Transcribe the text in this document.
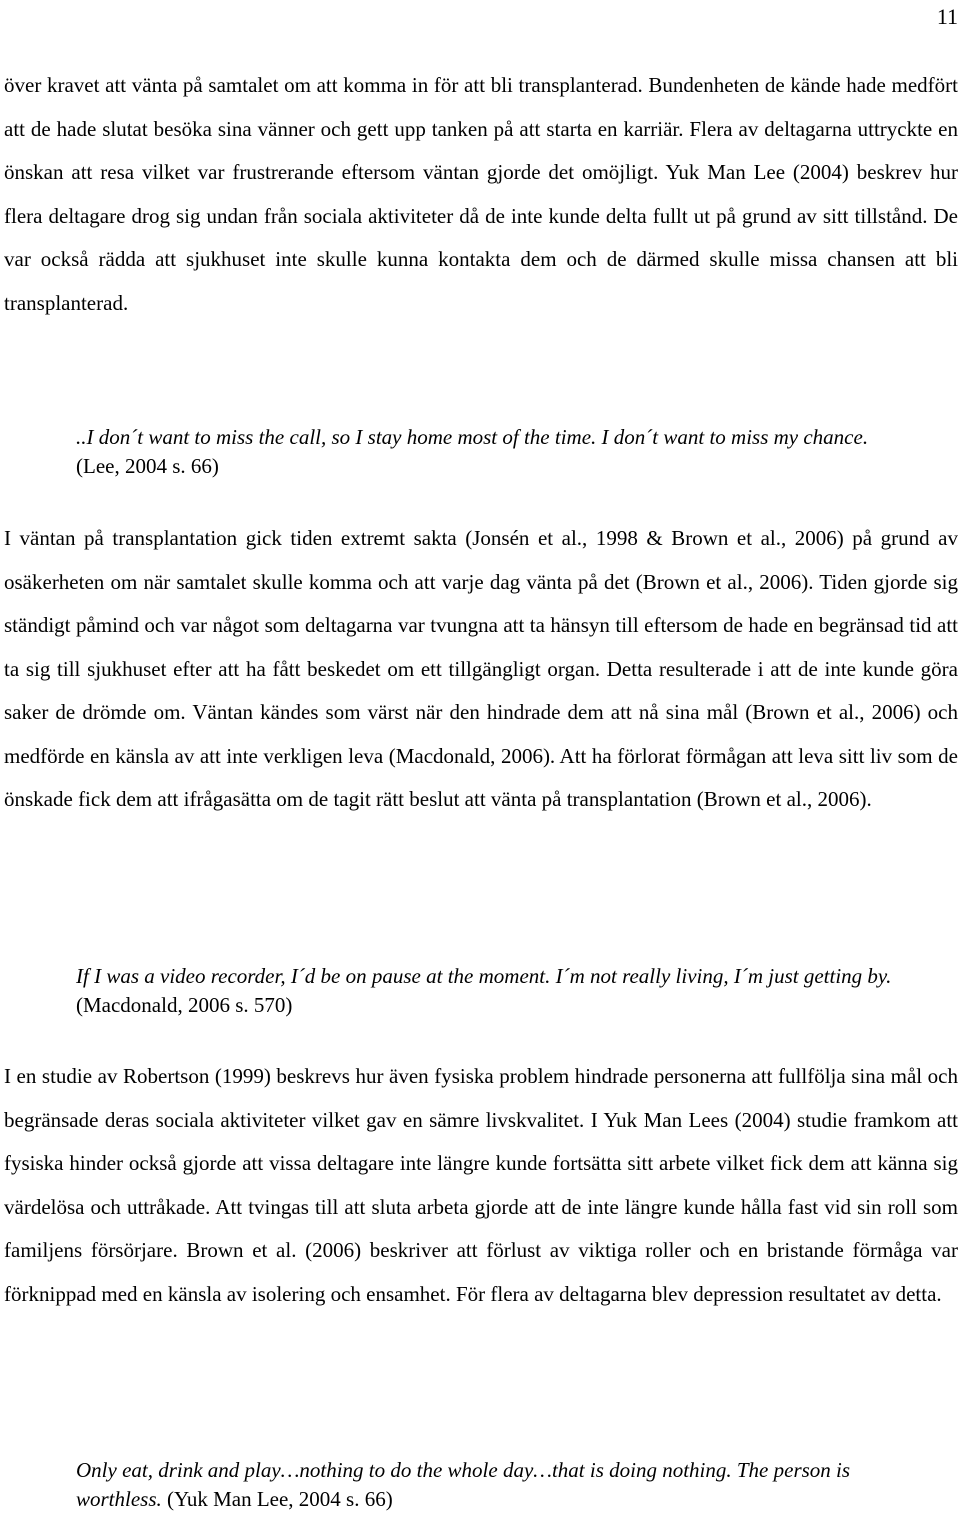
11

över kravet att vänta på samtalet om att komma in för att bli transplanterad. Bundenheten de kände hade medfört att de hade slutat besöka sina vänner och gett upp tanken på att starta en karriär. Flera av deltagarna uttryckte en önskan att resa vilket var frustrerande eftersom väntan gjorde det omöjligt. Yuk Man Lee (2004) beskrev hur flera deltagare drog sig undan från sociala aktiviteter då de inte kunde delta fullt ut på grund av sitt tillstånd. De var också rädda att sjukhuset inte skulle kunna kontakta dem och de därmed skulle missa chansen att bli transplanterad.

..I don´t want to miss the call, so I stay home most of the time. I don´t want to miss my chance. (Lee, 2004 s. 66)

I väntan på transplantation gick tiden extremt sakta (Jonsén et al., 1998 & Brown et al., 2006) på grund av osäkerheten om när samtalet skulle komma och att varje dag vänta på det (Brown et al., 2006). Tiden gjorde sig ständigt påmind och var något som deltagarna var tvungna att ta hänsyn till eftersom de hade en begränsad tid att ta sig till sjukhuset efter att ha fått beskedet om ett tillgängligt organ. Detta resulterade i att de inte kunde göra saker de drömde om. Väntan kändes som värst när den hindrade dem att nå sina mål (Brown et al., 2006) och medförde en känsla av att inte verkligen leva (Macdonald, 2006). Att ha förlorat förmågan att leva sitt liv som de önskade fick dem att ifrågasätta om de tagit rätt beslut att vänta på transplantation (Brown et al., 2006).

If I was a video recorder, I´d be on pause at the moment. I´m not really living, I´m just getting by. (Macdonald, 2006 s. 570)

I en studie av Robertson (1999) beskrevs hur även fysiska problem hindrade personerna att fullfölja sina mål och begränsade deras sociala aktiviteter vilket gav en sämre livskvalitet. I Yuk Man Lees (2004) studie framkom att fysiska hinder också gjorde att vissa deltagare inte längre kunde fortsätta sitt arbete vilket fick dem att känna sig värdelösa och uttråkade. Att tvingas till att sluta arbeta gjorde att de inte längre kunde hålla fast vid sin roll som familjens försörjare. Brown et al. (2006) beskriver att förlust av viktiga roller och en bristande förmåga var förknippad med en känsla av isolering och ensamhet. För flera av deltagarna blev depression resultatet av detta.

Only eat, drink and play…nothing to do the whole day…that is doing nothing. The person is worthless. (Yuk Man Lee, 2004 s. 66)
